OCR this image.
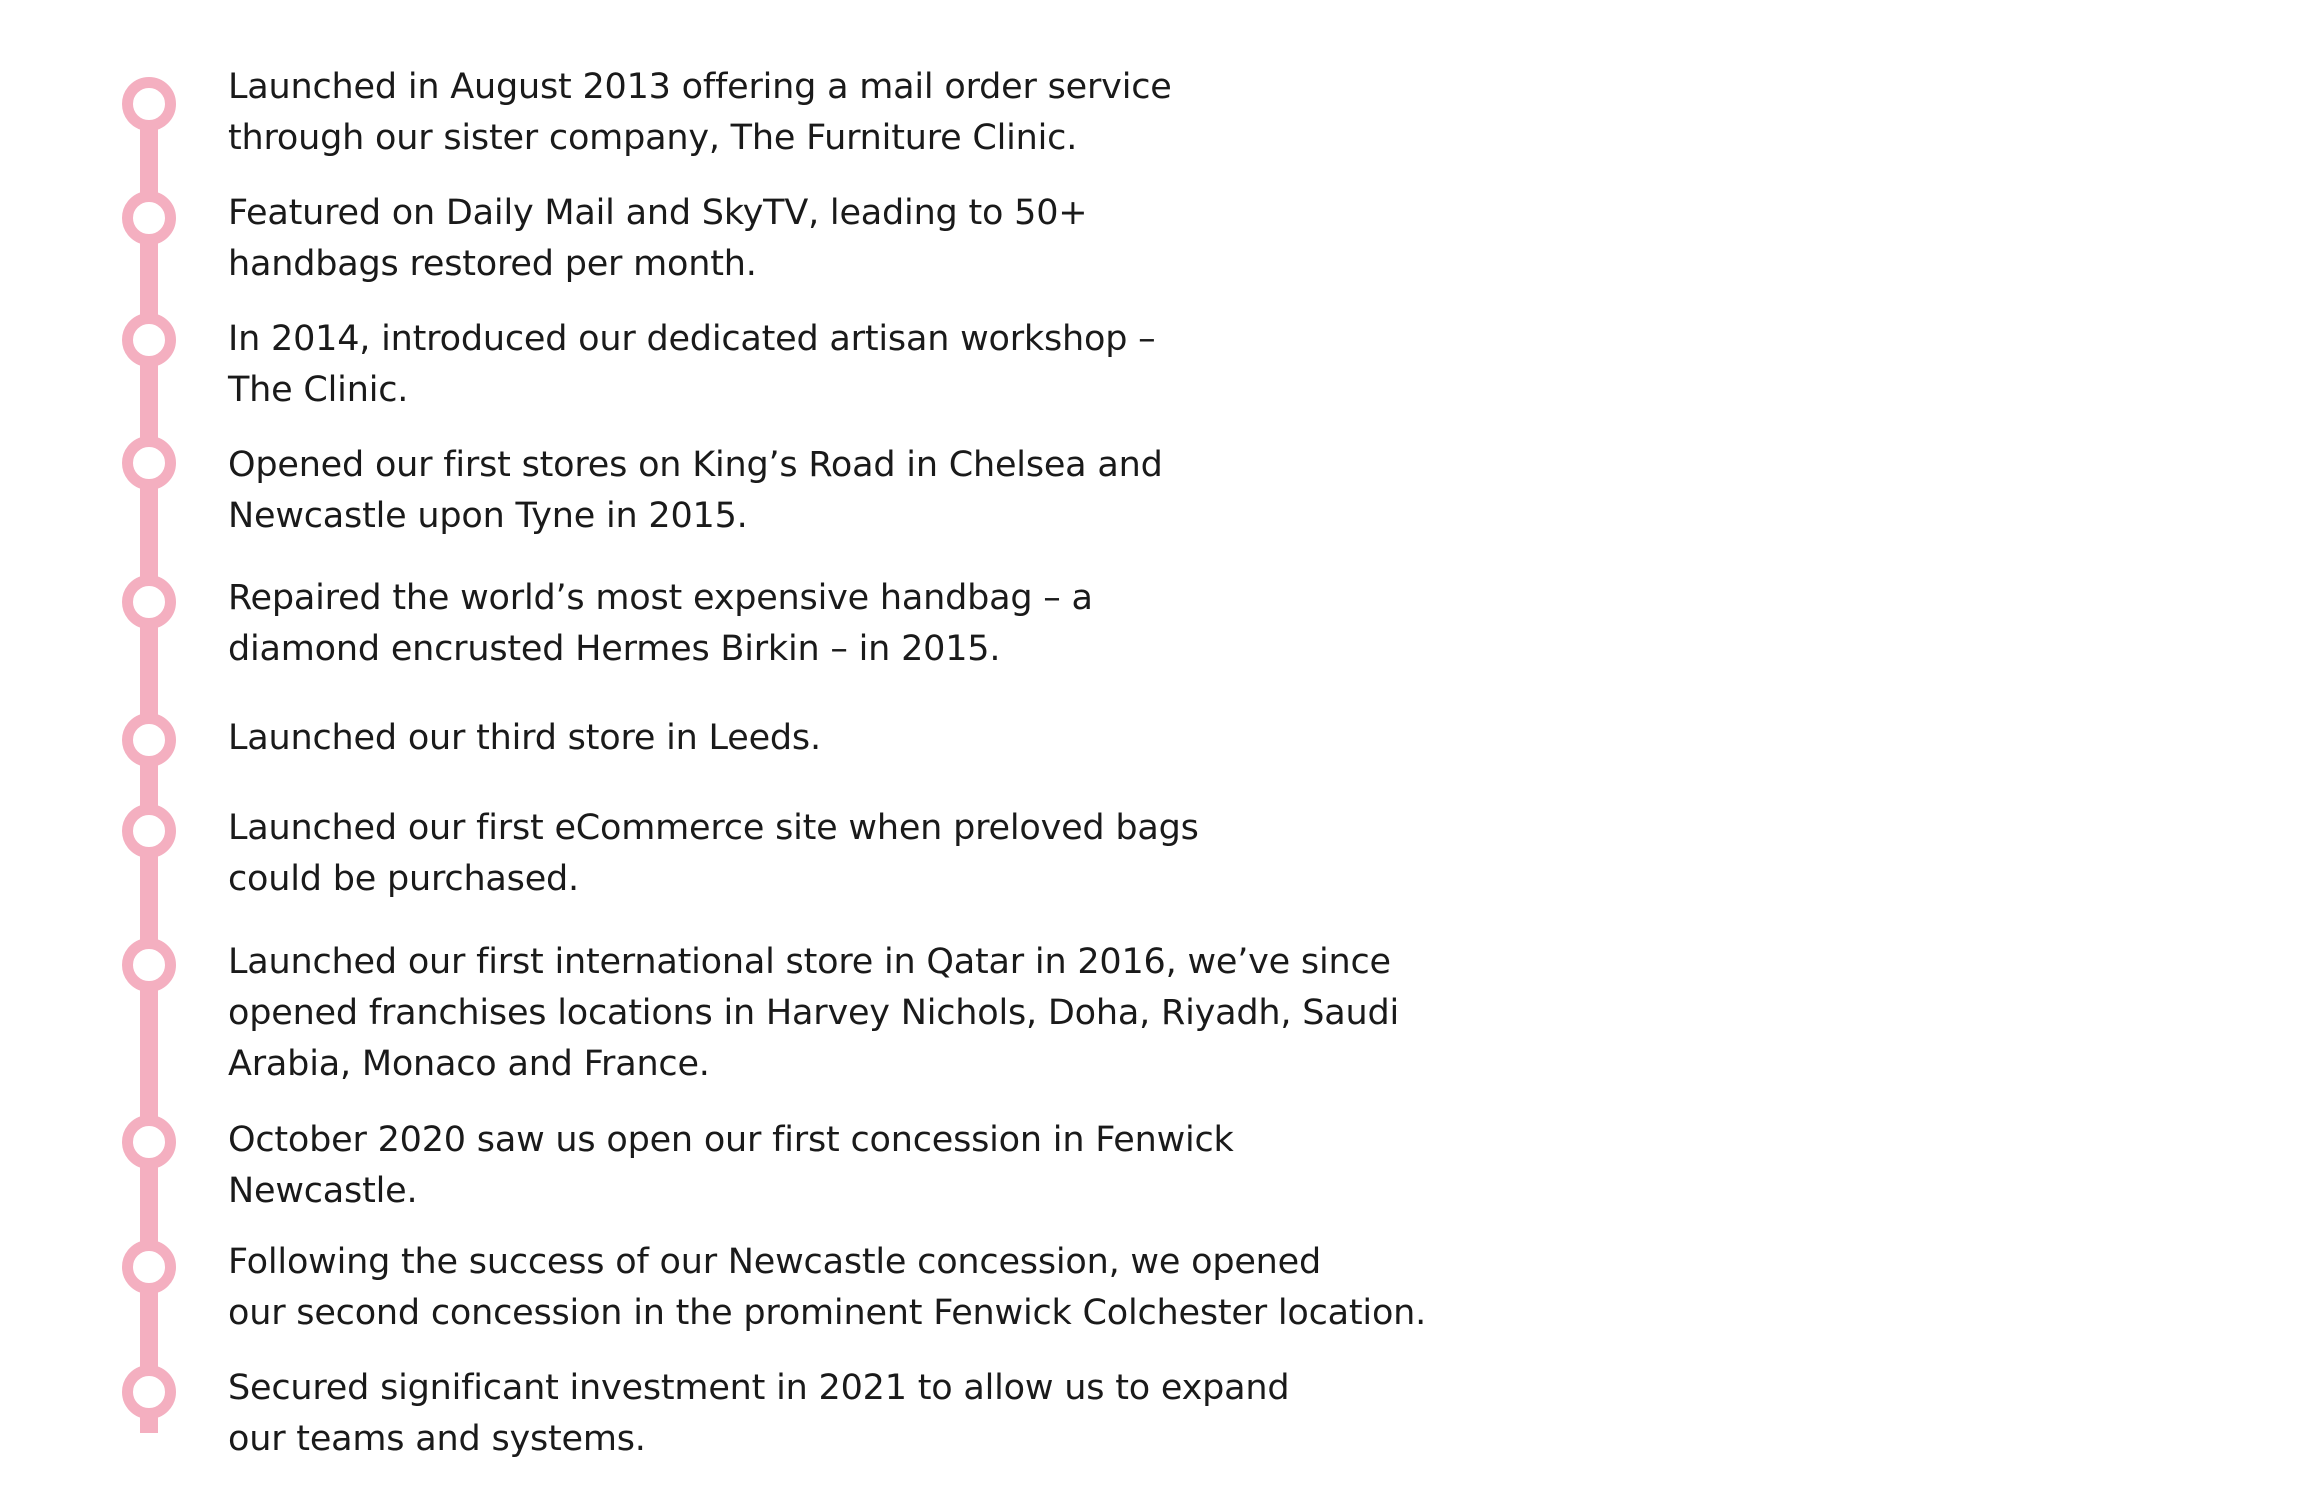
Launched in August 2013 offering a mail order service
through our sister company, The Furniture Clinic.
Featured on Daily Mail and SkyTV, leading to 50+
handbags restored per month.
In 2014, introduced our dedicated artisan workshop –
The Clinic.
Opened our first stores on King’s Road in Chelsea and
Newcastle upon Tyne in 2015.
Repaired the world’s most expensive handbag – a
diamond encrusted Hermes Birkin – in 2015.
Launched our third store in Leeds.
Launched our first eCommerce site when preloved bags
could be purchased.
Launched our first international store in Qatar in 2016, we’ve since
opened franchises locations in Harvey Nichols, Doha, Riyadh, Saudi
Arabia, Monaco and France.
October 2020 saw us open our first concession in Fenwick
Newcastle.
Following the success of our Newcastle concession, we opened
our second concession in the prominent Fenwick Colchester location.
Secured significant investment in 2021 to allow us to expand
our teams and systems.
